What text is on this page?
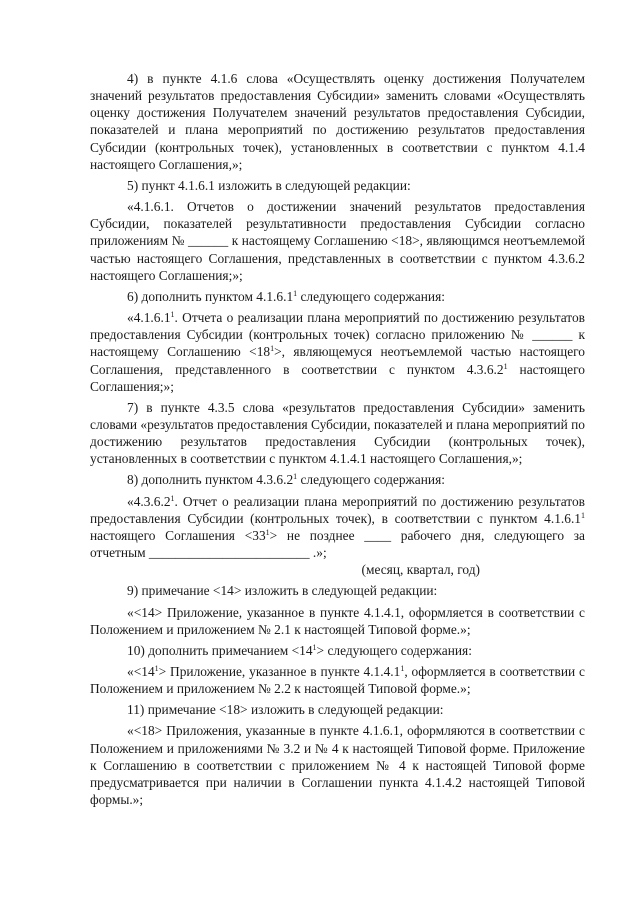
4) в пункте 4.1.6 слова «Осуществлять оценку достижения Получателем значений результатов предоставления Субсидии» заменить словами «Осуществлять оценку достижения Получателем значений результатов предоставления Субсидии, показателей и плана мероприятий по достижению результатов предоставления Субсидии (контрольных точек), установленных в соответствии с пунктом 4.1.4 настоящего Соглашения,»;

5) пункт 4.1.6.1 изложить в следующей редакции:

«4.1.6.1. Отчетов о достижении значений результатов предоставления Субсидии, показателей результативности предоставления Субсидии согласно приложениям № ______ к настоящему Соглашению <18>, являющимся неотъемлемой частью настоящего Соглашения, представленных в соответствии с пунктом 4.3.6.2 настоящего Соглашения;»;

6) дополнить пунктом 4.1.6.1$^1$ следующего содержания:

«4.1.6.1$^1$. Отчета о реализации плана мероприятий по достижению результатов предоставления Субсидии (контрольных точек) согласно приложению № ______ к настоящему Соглашению $<18^1>$, являющемуся неотъемлемой частью настоящего Соглашения, представленного в соответствии с пунктом 4.3.6.2$^1$ настоящего Соглашения;»;

7) в пункте 4.3.5 слова «результатов предоставления Субсидии» заменить словами «результатов предоставления Субсидии, показателей и плана мероприятий по достижению результатов предоставления Субсидии (контрольных точек), установленных в соответствии с пунктом 4.1.4.1 настоящего Соглашения,»;

8) дополнить пунктом 4.3.6.2$^1$ следующего содержания:

«4.3.6.2$^1$. Отчет о реализации плана мероприятий по достижению результатов предоставления Субсидии (контрольных точек), в соответствии с пунктом 4.1.6.1$^1$ настоящего Соглашения $<33^1>$ не позднее ____ рабочего дня, следующего за отчетным ________________________ .»;

(месяц, квартал, год)

9) примечание <14> изложить в следующей редакции:

«<14> Приложение, указанное в пункте 4.1.4.1, оформляется в соответствии с Положением и приложением № 2.1 к настоящей Типовой форме.»;

10) дополнить примечанием $<14^1>$ следующего содержания:

«$<14^1>$ Приложение, указанное в пункте 4.1.4.1$^1$, оформляется в соответствии с Положением и приложением № 2.2 к настоящей Типовой форме.»;

11) примечание <18> изложить в следующей редакции:

«<18> Приложения, указанные в пункте 4.1.6.1, оформляются в соответствии с Положением и приложениями № 3.2 и № 4 к настоящей Типовой форме. Приложение к Соглашению в соответствии с приложением № 4 к настоящей Типовой форме предусматривается при наличии в Соглашении пункта 4.1.4.2 настоящей Типовой формы.»;
